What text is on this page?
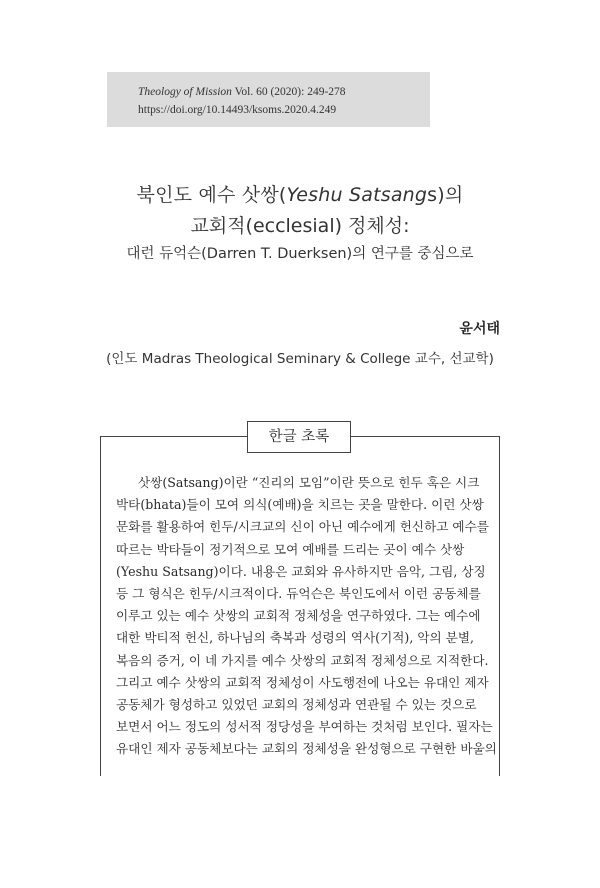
Theology of Mission Vol. 60 (2020): 249-278
https://doi.org/10.14493/ksoms.2020.4.249
북인도 예수 삿쌍(Yeshu Satsangs)의
교회적(ecclesial) 정체성:
대런 듀억슨(Darren T. Duerksen)의 연구를 중심으로
윤서태
(인도 Madras Theological Seminary & College 교수, 선교학)
한글 초록
삿쌍(Satsang)이란 “진리의 모임”이란 뜻으로 힌두 혹은 시크
박타(bhata)들이 모여 의식(예배)을 치르는 곳을 말한다. 이런 삿쌍
문화를 활용하여 힌두/시크교의 신이 아닌 예수에게 헌신하고 예수를
따르는 박타들이 정기적으로 모여 예배를 드리는 곳이 예수 삿쌍
(Yeshu Satsang)이다. 내용은 교회와 유사하지만 음악, 그림, 상징
등 그 형식은 힌두/시크적이다. 듀억슨은 북인도에서 이런 공동체를
이루고 있는 예수 삿쌍의 교회적 정체성을 연구하였다. 그는 예수에
대한 박티적 헌신, 하나님의 축복과 성령의 역사(기적), 악의 분별,
복음의 증거, 이 네 가지를 예수 삿쌍의 교회적 정체성으로 지적한다.
그리고 예수 삿쌍의 교회적 정체성이 사도행전에 나오는 유대인 제자
공동체가 형성하고 있었던 교회의 정체성과 연관될 수 있는 것으로
보면서 어느 정도의 성서적 정당성을 부여하는 것처럼 보인다. 필자는
유대인 제자 공동체보다는 교회의 정체성을 완성형으로 구현한 바울의
